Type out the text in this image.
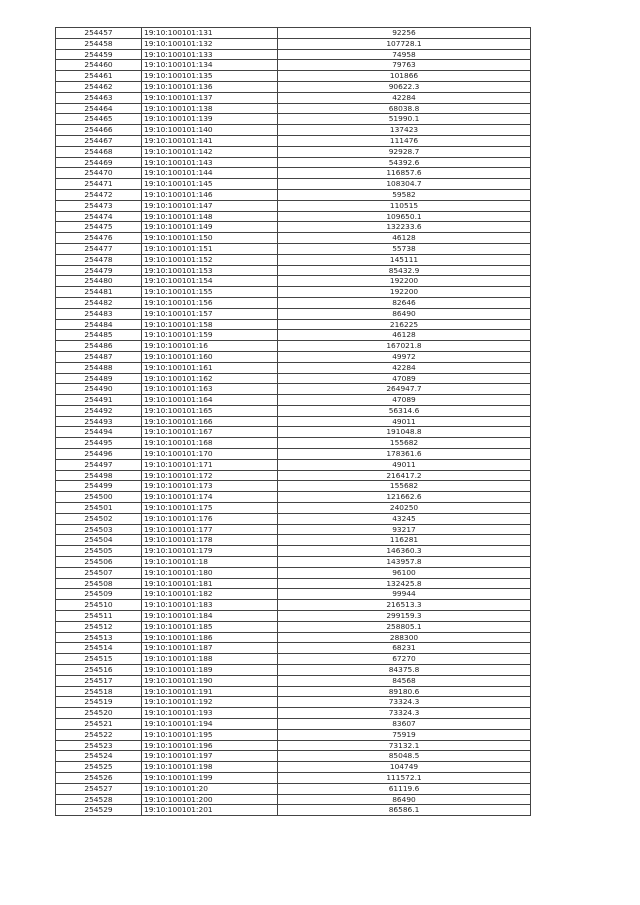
254457	19:10:100101:131	92256
254458	19:10:100101:132	107728.1
254459	19:10:100101:133	74958
254460	19:10:100101:134	79763
254461	19:10:100101:135	101866
254462	19:10:100101:136	90622.3
254463	19:10:100101:137	42284
254464	19:10:100101:138	68038.8
254465	19:10:100101:139	51990.1
254466	19:10:100101:140	137423
254467	19:10:100101:141	111476
254468	19:10:100101:142	92928.7
254469	19:10:100101:143	54392.6
254470	19:10:100101:144	116857.6
254471	19:10:100101:145	108304.7
254472	19:10:100101:146	59582
254473	19:10:100101:147	110515
254474	19:10:100101:148	109650.1
254475	19:10:100101:149	132233.6
254476	19:10:100101:150	46128
254477	19:10:100101:151	55738
254478	19:10:100101:152	145111
254479	19:10:100101:153	85432.9
254480	19:10:100101:154	192200
254481	19:10:100101:155	192200
254482	19:10:100101:156	82646
254483	19:10:100101:157	86490
254484	19:10:100101:158	216225
254485	19:10:100101:159	46128
254486	19:10:100101:16	167021.8
254487	19:10:100101:160	49972
254488	19:10:100101:161	42284
254489	19:10:100101:162	47089
254490	19:10:100101:163	264947.7
254491	19:10:100101:164	47089
254492	19:10:100101:165	56314.6
254493	19:10:100101:166	49011
254494	19:10:100101:167	191048.8
254495	19:10:100101:168	155682
254496	19:10:100101:170	178361.6
254497	19:10:100101:171	49011
254498	19:10:100101:172	216417.2
254499	19:10:100101:173	155682
254500	19:10:100101:174	121662.6
254501	19:10:100101:175	240250
254502	19:10:100101:176	43245
254503	19:10:100101:177	93217
254504	19:10:100101:178	116281
254505	19:10:100101:179	146360.3
254506	19:10:100101:18	143957.8
254507	19:10:100101:180	96100
254508	19:10:100101:181	132425.8
254509	19:10:100101:182	99944
254510	19:10:100101:183	216513.3
254511	19:10:100101:184	299159.3
254512	19:10:100101:185	258805.1
254513	19:10:100101:186	288300
254514	19:10:100101:187	68231
254515	19:10:100101:188	67270
254516	19:10:100101:189	84375.8
254517	19:10:100101:190	84568
254518	19:10:100101:191	89180.6
254519	19:10:100101:192	73324.3
254520	19:10:100101:193	73324.3
254521	19:10:100101:194	83607
254522	19:10:100101:195	75919
254523	19:10:100101:196	73132.1
254524	19:10:100101:197	85048.5
254525	19:10:100101:198	104749
254526	19:10:100101:199	111572.1
254527	19:10:100101:20	61119.6
254528	19:10:100101:200	86490
254529	19:10:100101:201	86586.1
